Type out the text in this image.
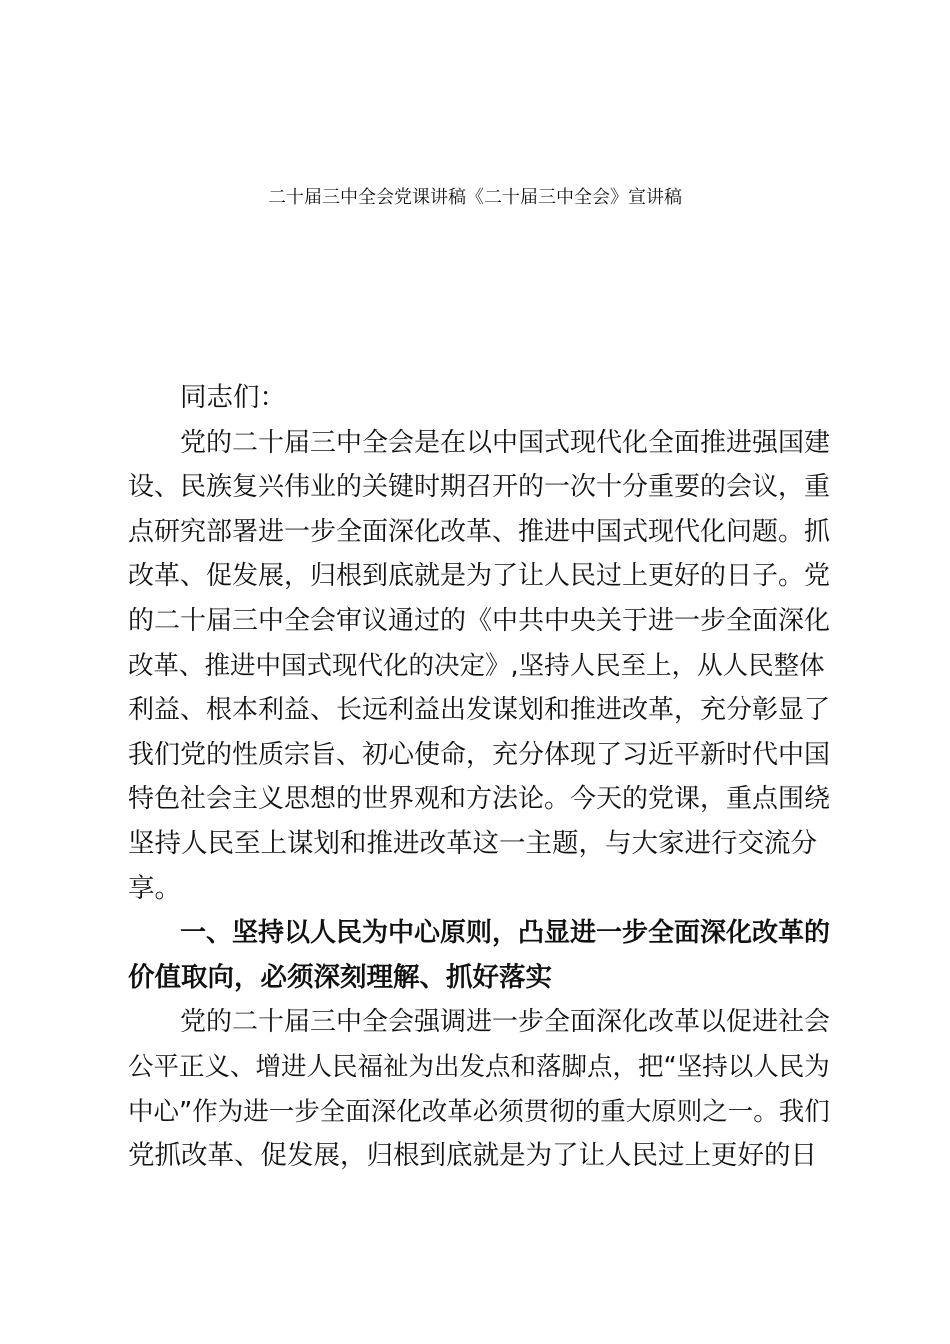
二十届三中全会党课讲稿《二十届三中全会》宣讲稿
同志们：
党的二十届三中全会是在以中国式现代化全面推进强国建
设、民族复兴伟业的关键时期召开的一次十分重要的会议，重
点研究部署进一步全面深化改革、推进中国式现代化问题。抓
改革、促发展，归根到底就是为了让人民过上更好的日子。党
的二十届三中全会审议通过的《中共中央关于进一步全面深化
改革、推进中国式现代化的决定》,坚持人民至上，从人民整体
利益、根本利益、长远利益出发谋划和推进改革，充分彰显了
我们党的性质宗旨、初心使命，充分体现了习近平新时代中国
特色社会主义思想的世界观和方法论。今天的党课，重点围绕
坚持人民至上谋划和推进改革这一主题，与大家进行交流分
享。
一、坚持以人民为中心原则，凸显进一步全面深化改革的
价值取向，必须深刻理解、抓好落实
党的二十届三中全会强调进一步全面深化改革以促进社会
公平正义、增进人民福祉为出发点和落脚点，把“坚持以人民为
中心”作为进一步全面深化改革必须贯彻的重大原则之一。我们
党抓改革、促发展，归根到底就是为了让人民过上更好的日
